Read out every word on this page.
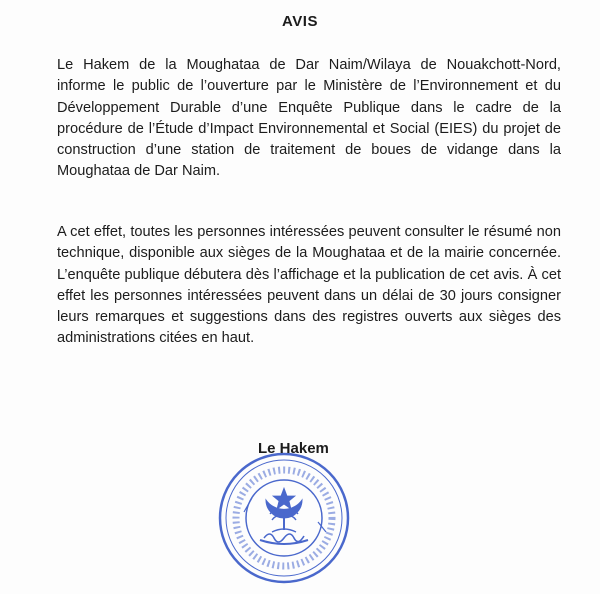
AVIS

Le Hakem de la Moughataa de Dar Naim/Wilaya de Nouakchott-Nord, informe le public de l’ouverture par le Ministère de l’Environnement et du Développement Durable d’une Enquête Publique dans le cadre de la procédure de l’Étude d’Impact Environnemental et Social (EIES) du projet de construction d’une station de traitement de boues de vidange dans la Moughataa de Dar Naim.

A cet effet, toutes les personnes intéressées peuvent consulter le résumé non technique, disponible aux sièges de la Moughataa et de la mairie concernée. L’enquête publique débutera dès l’affichage et la publication de cet avis. À cet effet les personnes intéressées peuvent dans un délai de 30 jours consigner leurs remarques et suggestions dans des registres ouverts aux sièges des administrations citées en haut.

Le Hakem
